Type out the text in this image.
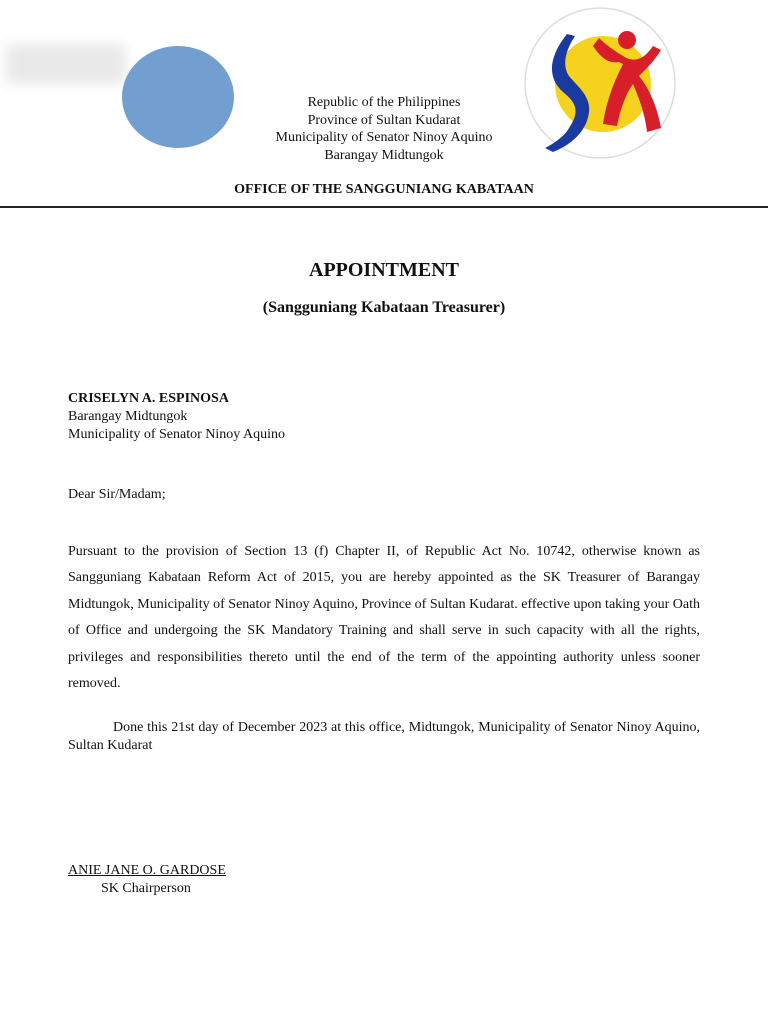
Republic of the Philippines
Province of Sultan Kudarat
Municipality of Senator Ninoy Aquino
Barangay Midtungok
OFFICE OF THE SANGGUNIANG KABATAAN
APPOINTMENT
(Sangguniang Kabataan Treasurer)
CRISELYN A. ESPINOSA
Barangay Midtungok
Municipality of Senator Ninoy Aquino
Dear Sir/Madam;
Pursuant to the provision of Section 13 (f) Chapter II, of Republic Act No. 10742, otherwise known as Sangguniang Kabataan Reform Act of 2015, you are hereby appointed as the SK Treasurer of Barangay Midtungok, Municipality of Senator Ninoy Aquino, Province of Sultan Kudarat. effective upon taking your Oath of Office and undergoing the SK Mandatory Training and shall serve in such capacity with all the rights, privileges and responsibilities thereto until the end of the term of the appointing authority unless sooner removed.
Done this 21st day of December 2023 at this office, Midtungok, Municipality of Senator Ninoy Aquino, Sultan Kudarat
ANIE JANE O. GARDOSE
SK Chairperson
